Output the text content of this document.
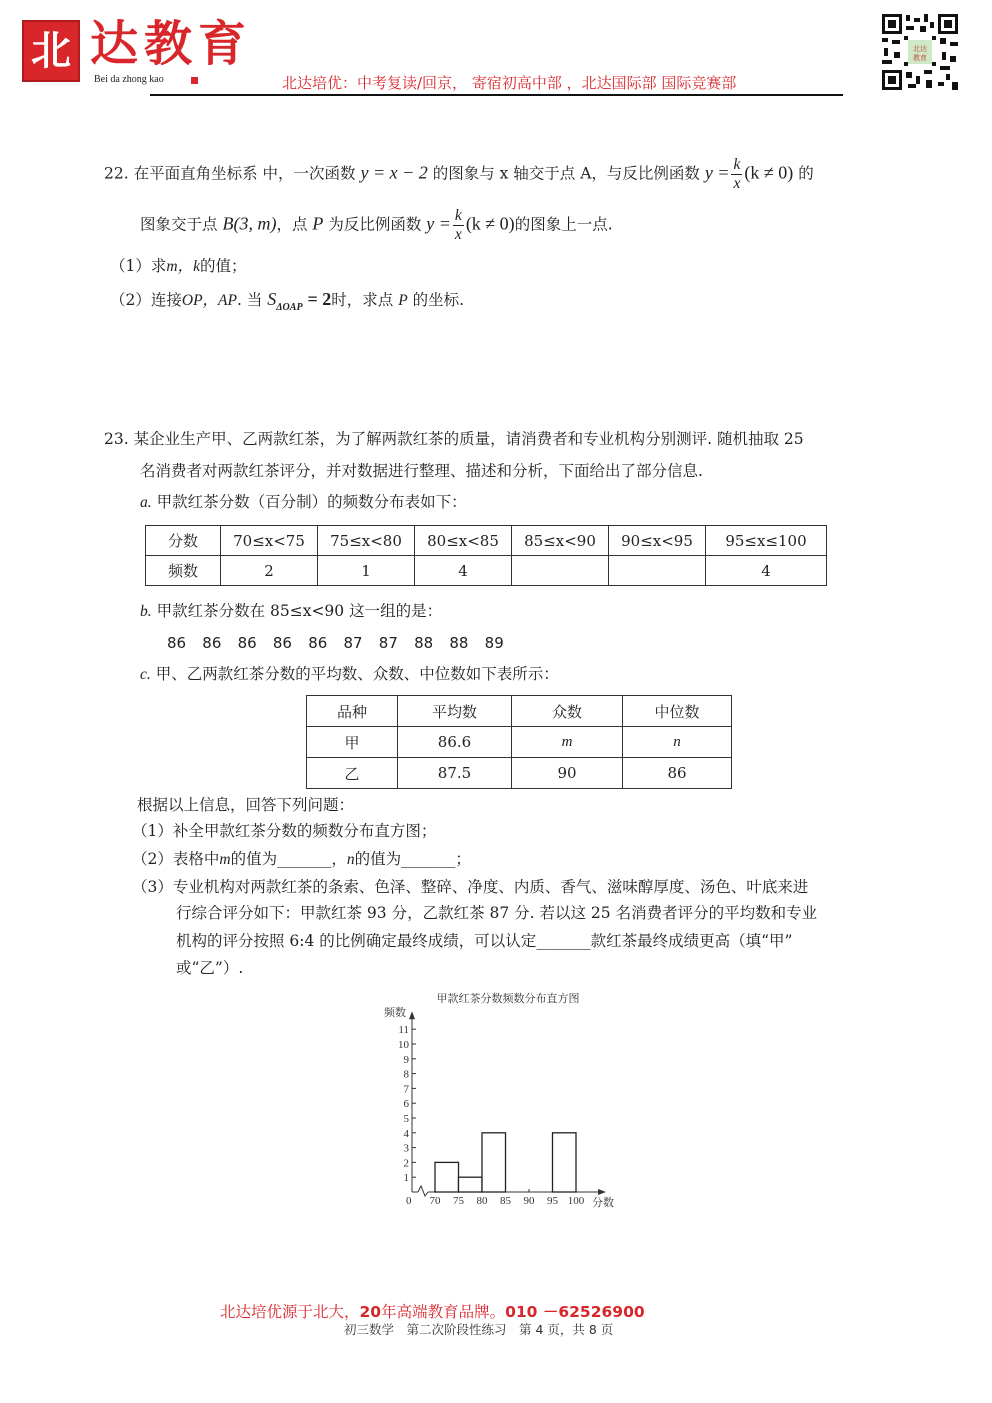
北 达教育
Bei da zhong kao	北达培优：中考复读/回京， 寄宿初高中部 ，北达国际部 国际竞赛部
北达
教育
22. 在平面直角坐标系 中，一次函数 y = x − 2 的图象与 x 轴交于点 A，与反比例函数 $y = \frac{k}{x} (k \ne 0)$ 的
图象交于点 B(3, m)，点 P 为反比例函数 $y = \frac{k}{x} (k \ne 0)$的图象上一点.
（1）求m，k的值；
（2）连接OP，AP. 当 $S_{\Delta OAP} = 2$时，求点 P 的坐标.
23. 某企业生产甲、乙两款红茶，为了解两款红茶的质量，请消费者和专业机构分别测评. 随机抽取 25
名消费者对两款红茶评分，并对数据进行整理、描述和分析，下面给出了部分信息.
a. 甲款红茶分数（百分制）的频数分布表如下：
分数	70≤x<75	75≤x<80	80≤x<85	85≤x<90	90≤x<95	95≤x≤100
频数	2	1	4			4
b. 甲款红茶分数在 85≤x<90 这一组的是：
86 86 86 86 86 87 87 88 88 89
c. 甲、乙两款红茶分数的平均数、众数、中位数如下表所示：
品种	平均数	众数	中位数
甲	86.6	m	n
乙	87.5	90	86
根据以上信息，回答下列问题：
（1）补全甲款红茶分数的频数分布直方图；
（2）表格中m的值为_______，n的值为_______；
（3）专业机构对两款红茶的条索、色泽、整碎、净度、内质、香气、滋味醇厚度、汤色、叶底来进
行综合评分如下：甲款红茶 93 分，乙款红茶 87 分. 若以这 25 名消费者评分的平均数和专业
机构的评分按照 6:4 的比例确定最终成绩，可以认定_______款红茶最终成绩更高（填“甲”
或“乙”）.
甲款红茶分数频数分布直方图
频数
分数
0
1
2
3
4
5
6
7
8
9
10
11
70 75 80 85 90 95 100
北达培优源于北大，20年高端教育品牌。010 －62526900
初三数学　第二次阶段性练习　第 4 页，共 8 页
